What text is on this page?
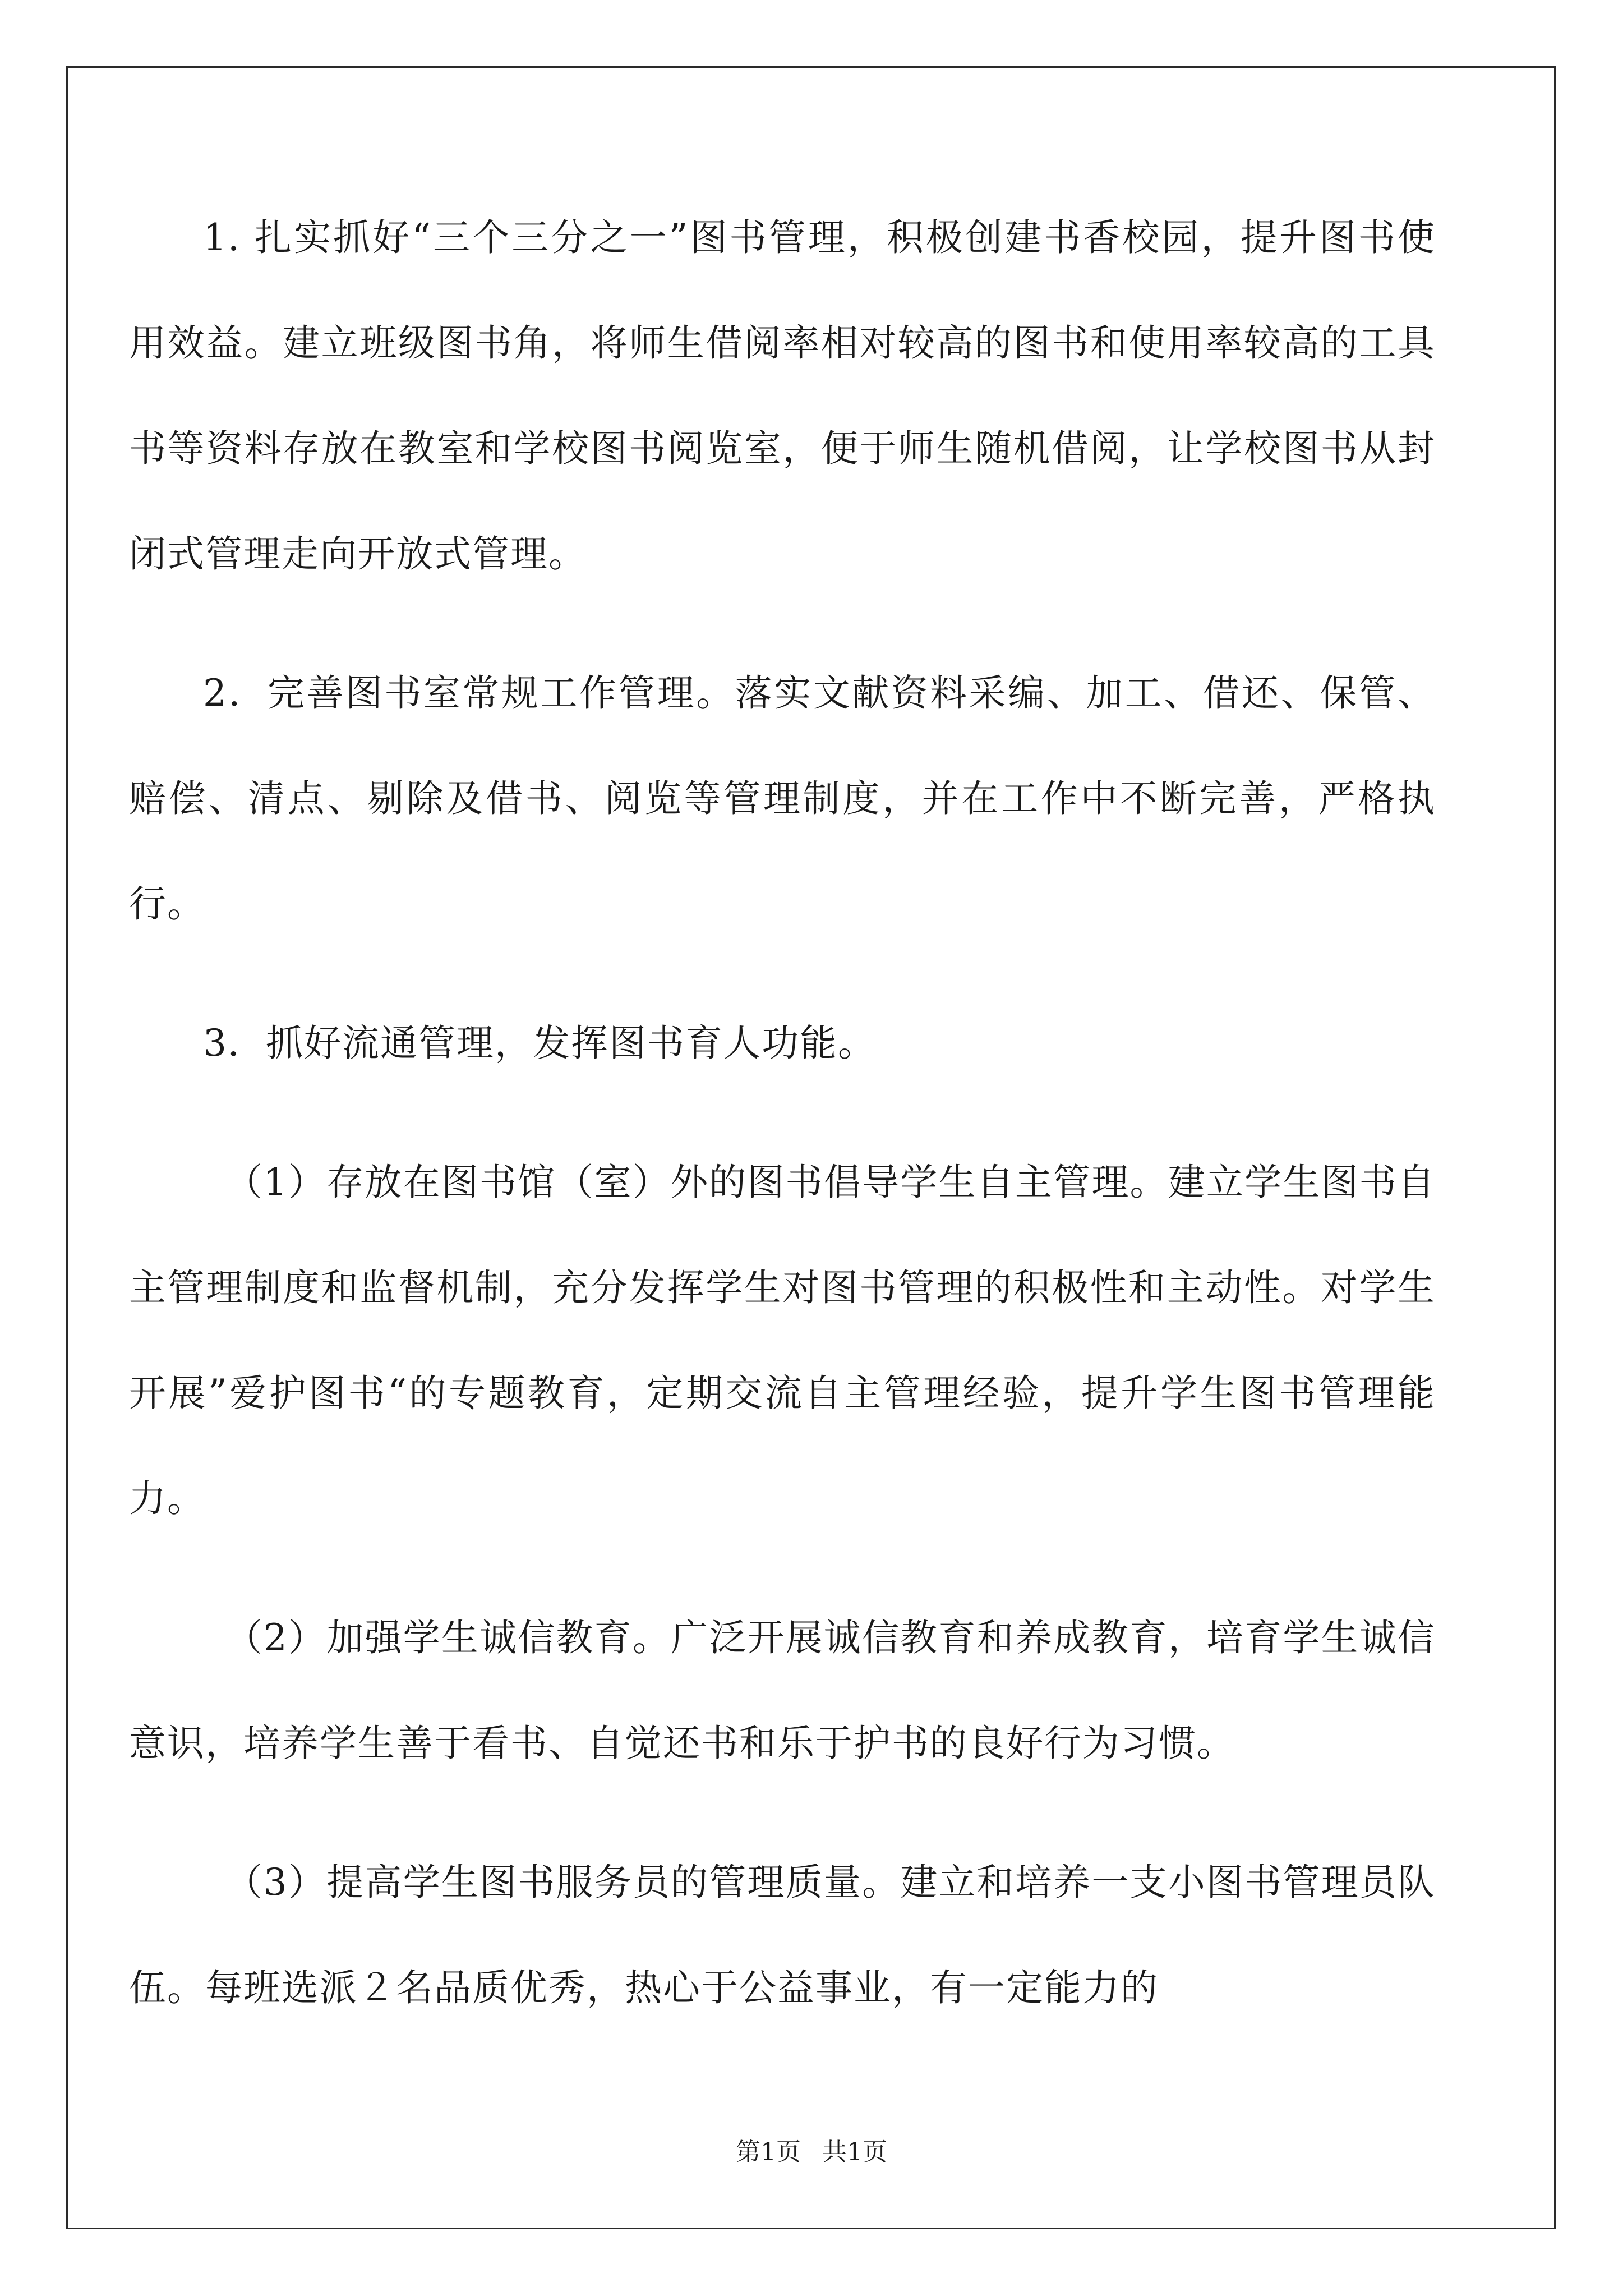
1. 扎实抓好“三个三分之一”图书管理，积极创建书香校园，提升图书使用效益。建立班级图书角，将师生借阅率相对较高的图书和使用率较高的工具书等资料存放在教室和学校图书阅览室，便于师生随机借阅，让学校图书从封闭式管理走向开放式管理。

2．完善图书室常规工作管理。落实文献资料采编、加工、借还、保管、赔偿、清点、剔除及借书、阅览等管理制度，并在工作中不断完善，严格执行。

3．抓好流通管理，发挥图书育人功能。

（1）存放在图书馆（室）外的图书倡导学生自主管理。建立学生图书自主管理制度和监督机制，充分发挥学生对图书管理的积极性和主动性。对学生开展”爱护图书“的专题教育，定期交流自主管理经验，提升学生图书管理能力。

（2）加强学生诚信教育。广泛开展诚信教育和养成教育，培育学生诚信意识，培养学生善于看书、自觉还书和乐于护书的良好行为习惯。

（3）提高学生图书服务员的管理质量。建立和培养一支小图书管理员队伍。每班选派２名品质优秀，热心于公益事业，有一定能力的

第1页 共1页
